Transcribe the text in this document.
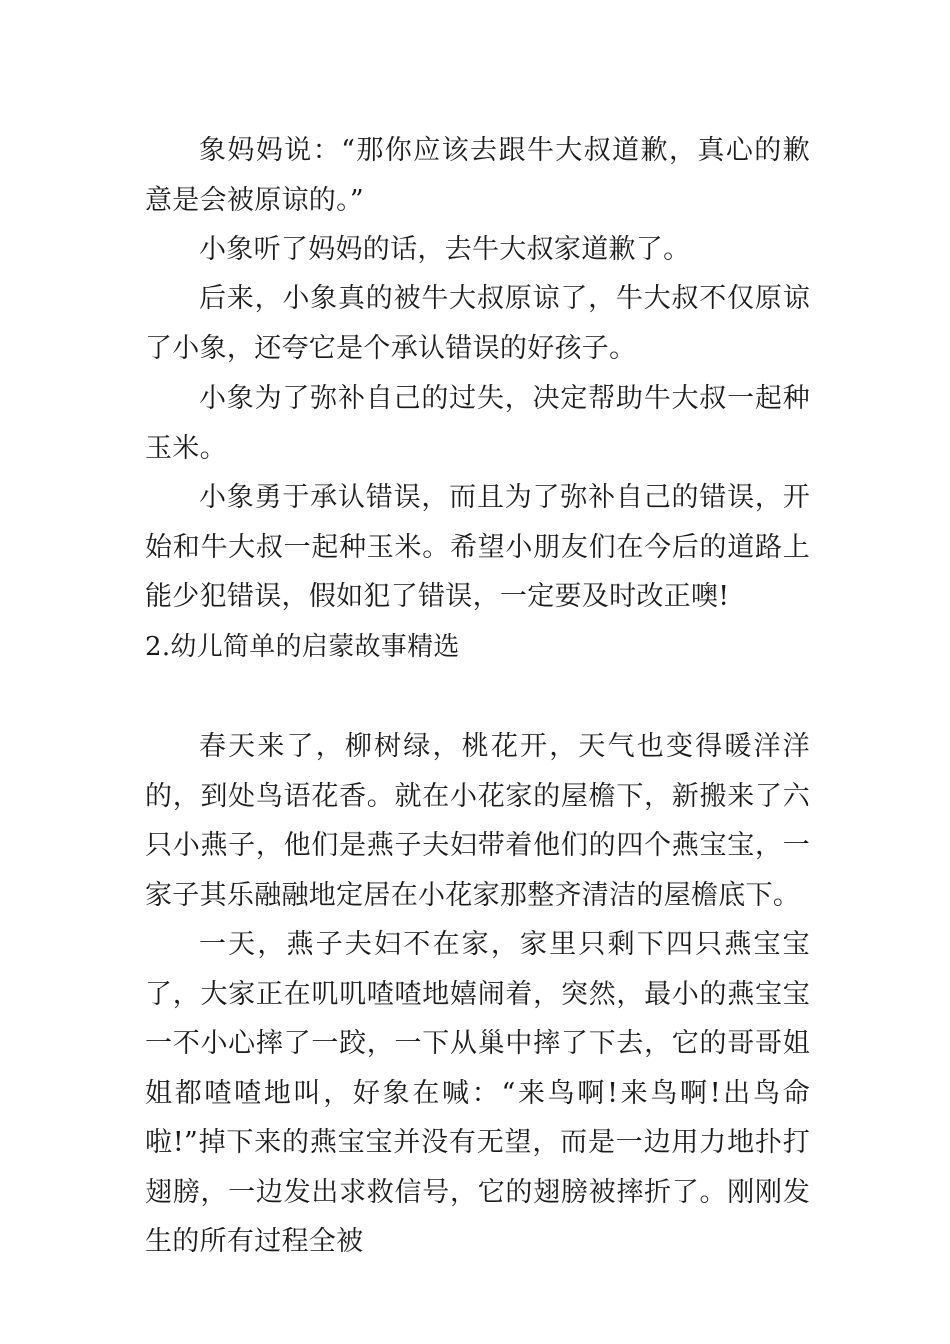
象妈妈说：“那你应该去跟牛大叔道歉，真心的歉意是会被原谅的。”

小象听了妈妈的话，去牛大叔家道歉了。

后来，小象真的被牛大叔原谅了，牛大叔不仅原谅了小象，还夸它是个承认错误的好孩子。

小象为了弥补自己的过失，决定帮助牛大叔一起种玉米。

小象勇于承认错误，而且为了弥补自己的错误，开始和牛大叔一起种玉米。希望小朋友们在今后的道路上能少犯错误，假如犯了错误，一定要及时改正噢!

2.幼儿简单的启蒙故事精选

春天来了，柳树绿，桃花开，天气也变得暖洋洋的，到处鸟语花香。就在小花家的屋檐下，新搬来了六只小燕子，他们是燕子夫妇带着他们的四个燕宝宝，一家子其乐融融地定居在小花家那整齐清洁的屋檐底下。

一天，燕子夫妇不在家，家里只剩下四只燕宝宝了，大家正在叽叽喳喳地嬉闹着，突然，最小的燕宝宝一不小心摔了一跤，一下从巢中摔了下去，它的哥哥姐姐都喳喳地叫，好象在喊：“来鸟啊!来鸟啊!出鸟命啦!”掉下来的燕宝宝并没有无望，而是一边用力地扑打翅膀，一边发出求救信号，它的翅膀被摔折了。刚刚发生的所有过程全被
